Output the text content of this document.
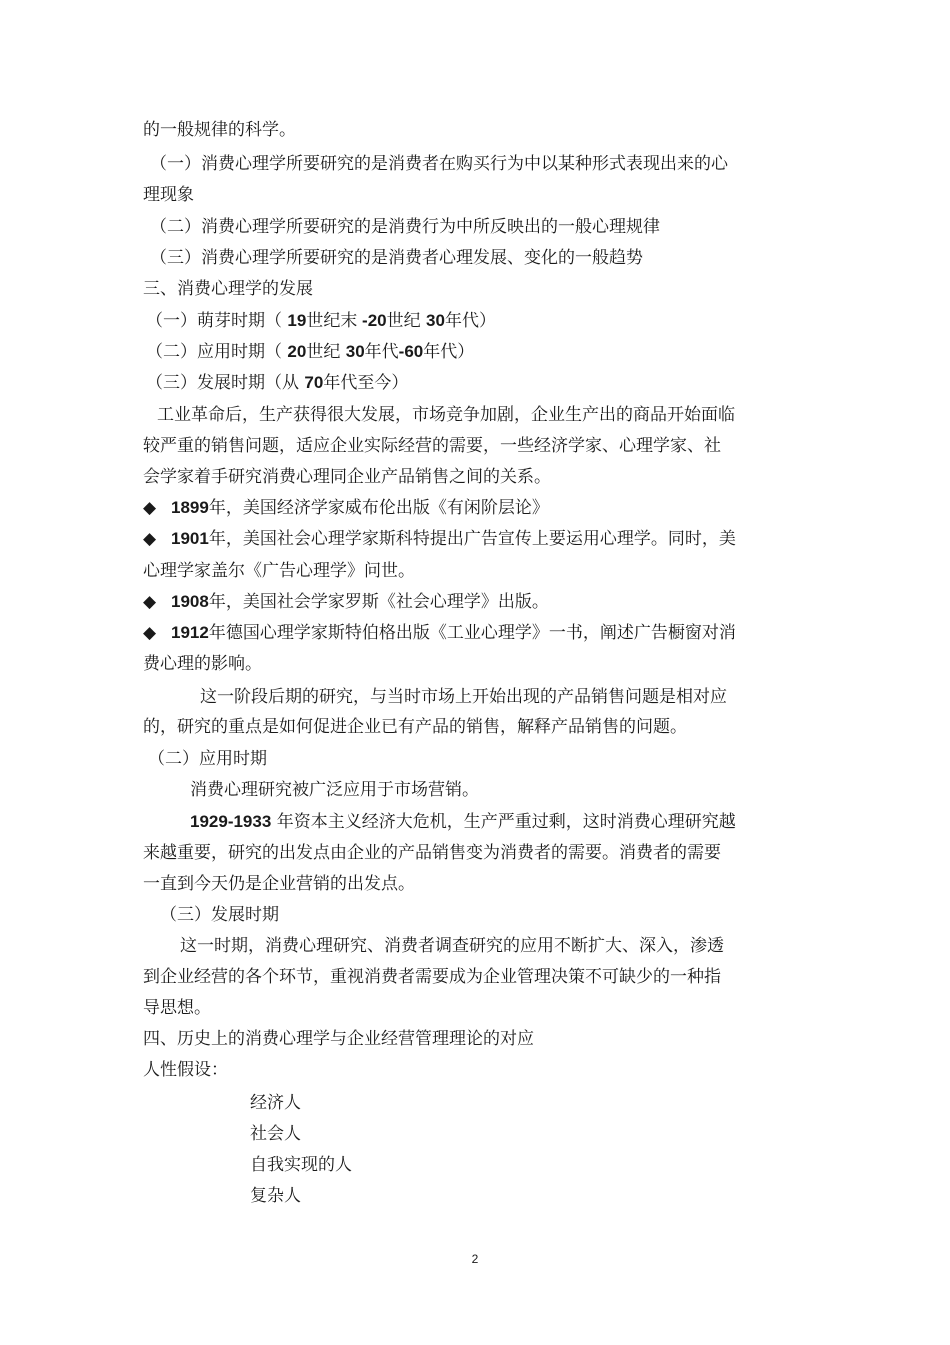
的一般规律的科学。
（一）消费心理学所要研究的是消费者在购买行为中以某种形式表现出来的心
理现象
（二）消费心理学所要研究的是消费行为中所反映出的一般心理规律
（三）消费心理学所要研究的是消费者心理发展、变化的一般趋势
三、消费心理学的发展
（一）萌芽时期（ 19世纪末 -20世纪 30年代）
（二）应用时期（ 20世纪 30年代-60年代）
（三）发展时期（从 70年代至今）
工业革命后，生产获得很大发展，市场竞争加剧，企业生产出的商品开始面临
较严重的销售问题，适应企业实际经营的需要，一些经济学家、心理学家、社
会学家着手研究消费心理同企业产品销售之间的关系。
◆ 1899年，美国经济学家威布伦出版《有闲阶层论》
◆ 1901年，美国社会心理学家斯科特提出广告宣传上要运用心理学。同时，美
心理学家盖尔《广告心理学》问世。
◆ 1908年，美国社会学家罗斯《社会心理学》出版。
◆ 1912年德国心理学家斯特伯格出版《工业心理学》一书，阐述广告橱窗对消
费心理的影响。
这一阶段后期的研究，与当时市场上开始出现的产品销售问题是相对应
的，研究的重点是如何促进企业已有产品的销售，解释产品销售的问题。
（二）应用时期
消费心理研究被广泛应用于市场营销。
1929-1933 年资本主义经济大危机，生产严重过剩，这时消费心理研究越
来越重要，研究的出发点由企业的产品销售变为消费者的需要。消费者的需要
一直到今天仍是企业营销的出发点。
（三）发展时期
这一时期，消费心理研究、消费者调查研究的应用不断扩大、深入，渗透
到企业经营的各个环节，重视消费者需要成为企业管理决策不可缺少的一种指
导思想。
四、历史上的消费心理学与企业经营管理理论的对应
人性假设：
经济人
社会人
自我实现的人
复杂人
2
